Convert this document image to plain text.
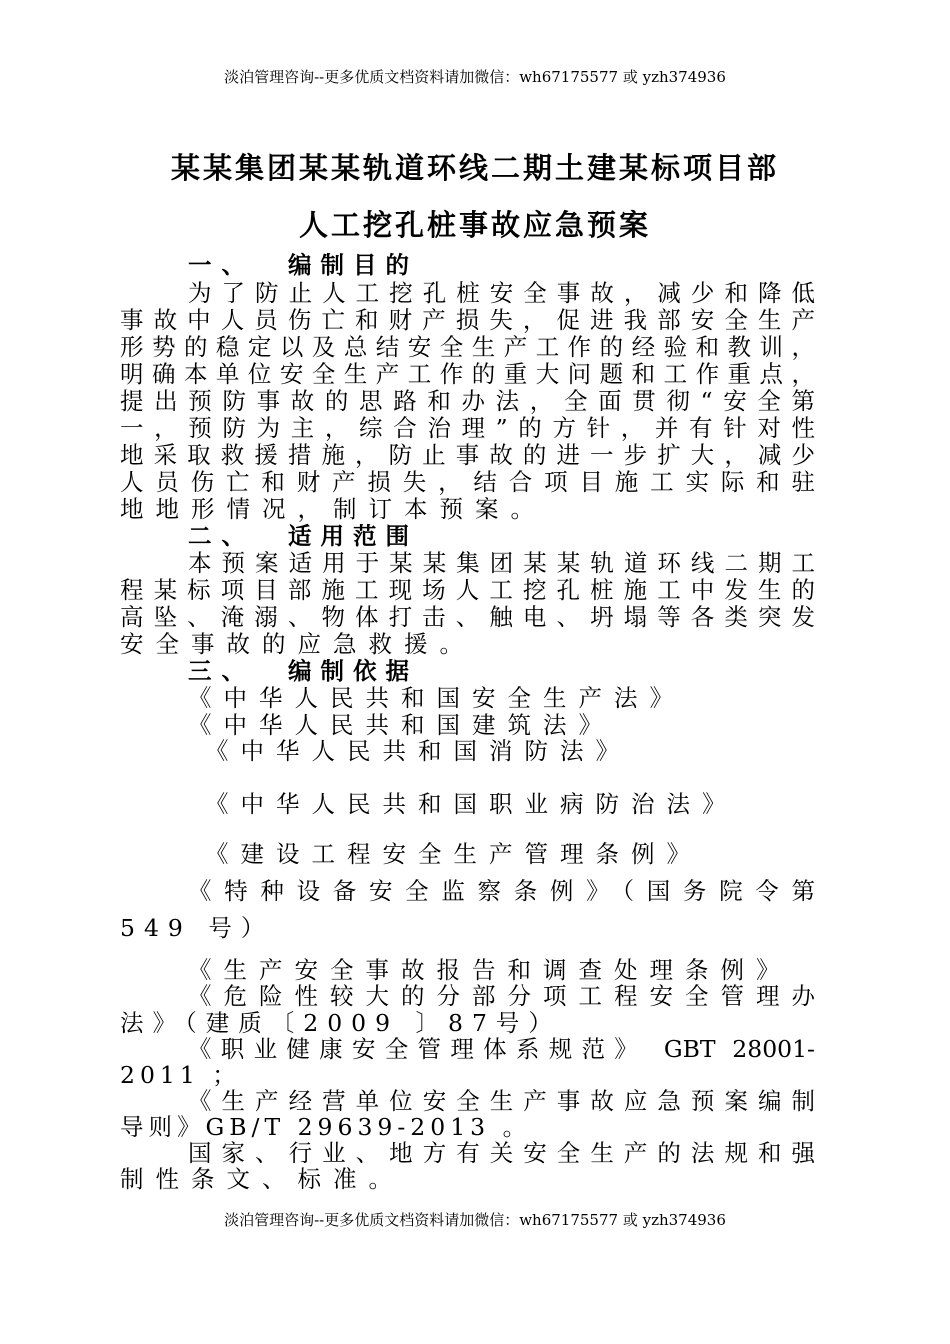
淡泊管理咨询--更多优质文档资料请加微信：wh67175577 或 yzh374936
某某集团某某轨道环线二期土建某标项目部
人工挖孔桩事故应急预案
一、 编制目的
为了防止人工挖孔桩安全事故，减少和降低
事故中人员伤亡和财产损失，促进我部安全生产
形势的稳定以及总结安全生产工作的经验和教训，
明确本单位安全生产工作的重大问题和工作重点，
提出预防事故的思路和办法，全面贯彻“安全第
一，预防为主，综合治理”的方针，并有针对性
地采取救援措施，防止事故的进一步扩大，减少
人员伤亡和财产损失，结合项目施工实际和驻
地地形情况，制订本预案。
二、 适用范围
本预案适用于某某集团某某轨道环线二期工
程某标项目部施工现场人工挖孔桩施工中发生的
高坠、淹溺、物体打击、触电、坍塌等各类突发
安全事故的应急救援。
三、 编制依据
《中华人民共和国安全生产法》
《中华人民共和国建筑法》
《中华人民共和国消防法》
《中华人民共和国职业病防治法》
《建设工程安全生产管理条例》
《特种设备安全监察条例》（国务院令第
549 号）
《生产安全事故报告和调查处理条例》
《危险性较大的分部分项工程安全管理办
法》（建质〔2009 〕87号）
《职业健康安全管理体系规范》 GBT 28001-
2011 ；
《生产经营单位安全生产事故应急预案编制
导则》GB/T 29639-2013 。
国家、行业、地方有关安全生产的法规和强
制性条文、标准。
淡泊管理咨询--更多优质文档资料请加微信：wh67175577 或 yzh374936
